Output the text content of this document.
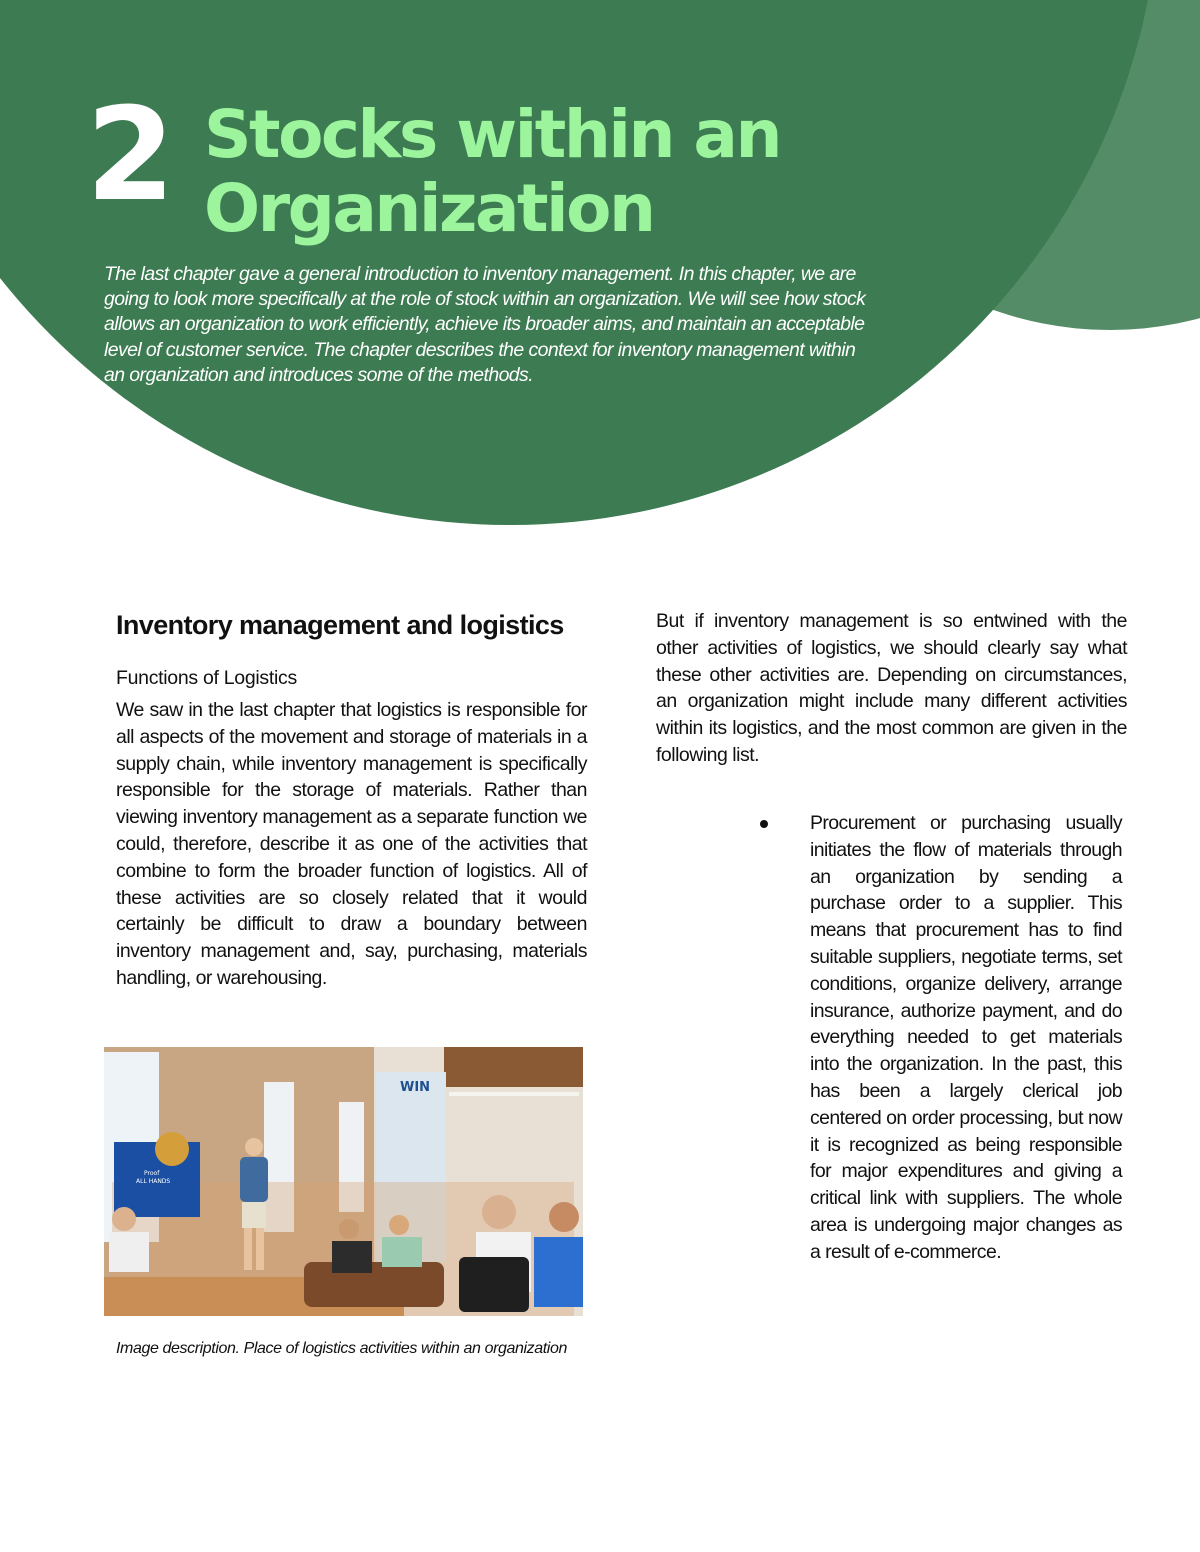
2 Stocks within an
Organization

The last chapter gave a general introduction to inventory management. In this chapter, we are going to look more specifically at the role of stock within an organization. We will see how stock allows an organization to work efficiently, achieve its broader aims, and maintain an acceptable level of customer service. The chapter describes the context for inventory management within an organization and introduces some of the methods.

Inventory management and logistics

Functions of Logistics

We saw in the last chapter that logistics is responsible for all aspects of the movement and storage of materials in a supply chain, while inventory management is specifically responsible for the storage of materials. Rather than viewing inventory management as a separate function we could, therefore, describe it as one of the activities that combine to form the broader function of logistics. All of these activities are so closely related that it would certainly be difficult to draw a boundary between inventory management and, say, purchasing, materials handling, or warehousing.

WIN
Proof
ALL HANDS

Image description. Place of logistics activities within an organization

But if inventory management is so entwined with the other activities of logistics, we should clearly say what these other activities are. Depending on circumstances, an organization might include many different activities within its logistics, and the most common are given in the following list.

Procurement or purchasing usually initiates the flow of materials through an organization by sending a purchase order to a supplier. This means that procurement has to find suitable suppliers, negotiate terms, set conditions, organize delivery, arrange insurance, authorize payment, and do everything needed to get materials into the organization. In the past, this has been a largely clerical job centered on order processing, but now it is recognized as being responsible for major expenditures and giving a critical link with suppliers. The whole area is undergoing major changes as a result of e-commerce.
